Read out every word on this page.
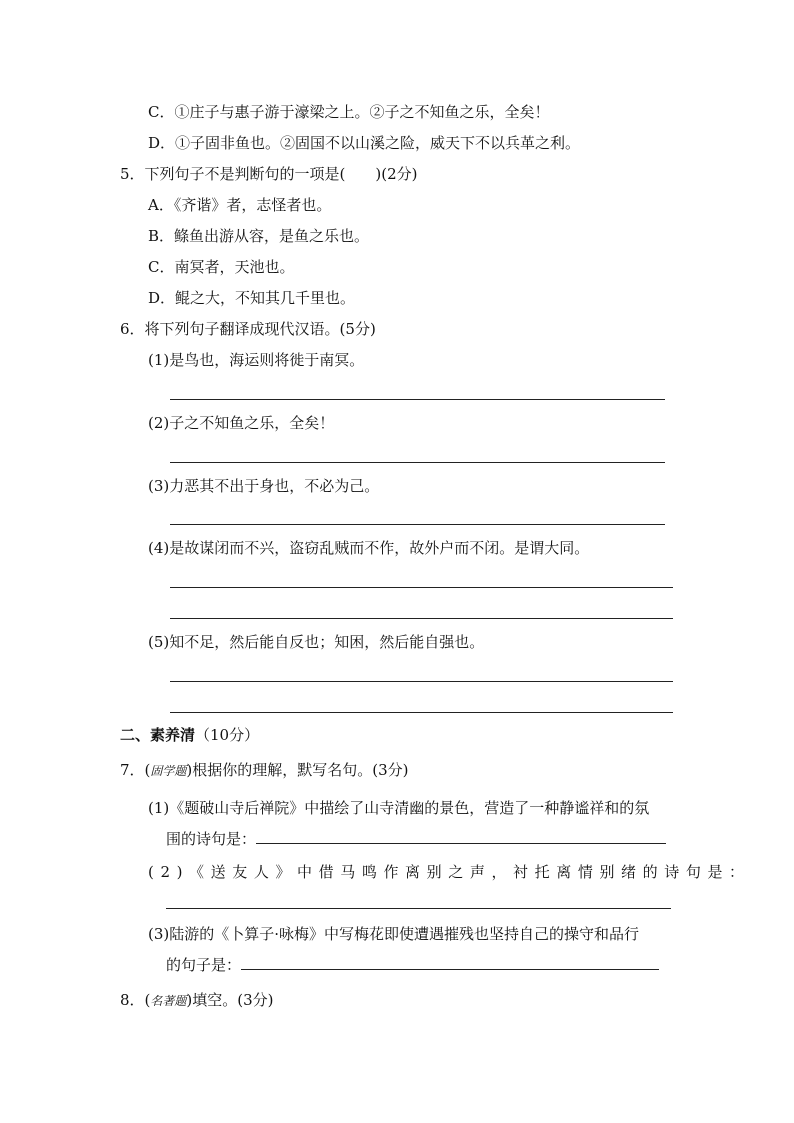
C．①庄子与惠子游于濠梁之上。②子之不知鱼之乐，全矣！
D．①子固非鱼也。②固国不以山溪之险，威天下不以兵革之利。
5．下列句子不是判断句的一项是(　　)(2分)
A．《齐谐》者，志怪者也。
B．鲦鱼出游从容，是鱼之乐也。
C．南冥者，天池也。
D．鲲之大，不知其几千里也。
6．将下列句子翻译成现代汉语。(5分)
(1)是鸟也，海运则将徙于南冥。
(2)子之不知鱼之乐，全矣！
(3)力恶其不出于身也，不必为己。
(4)是故谋闭而不兴，盗窃乱贼而不作，故外户而不闭。是谓大同。
(5)知不足，然后能自反也；知困，然后能自强也。
二、素养清（10分）
7．(固学题)根据你的理解，默写名句。(3分)
(1)《题破山寺后禅院》中描绘了山寺清幽的景色，营造了一种静谧祥和的氛
围的诗句是：
(2)《送友人》中借马鸣作离别之声，衬托离情别绪的诗句是：
(3)陆游的《卜算子·咏梅》中写梅花即使遭遇摧残也坚持自己的操守和品行
的句子是：
8．(名著题)填空。(3分)
